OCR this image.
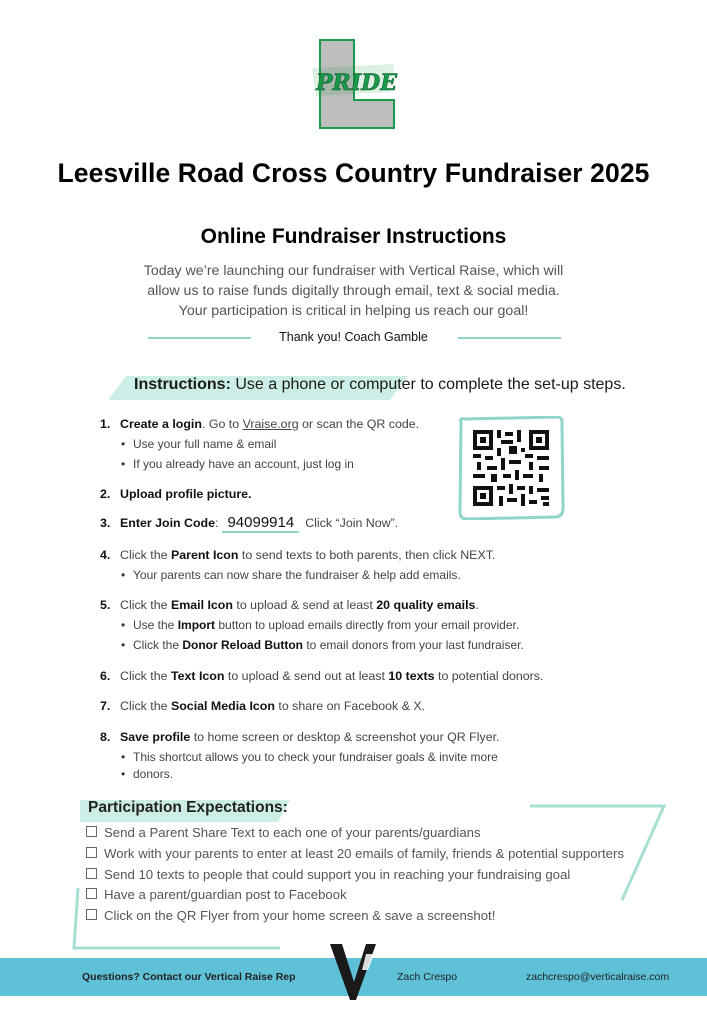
PRIDE
Leesville Road Cross Country Fundraiser 2025
Online Fundraiser Instructions
Today we’re launching our fundraiser with Vertical Raise, which will
allow us to raise funds digitally through email, text & social media.
Your participation is critical in helping us reach our goal!
Thank you! Coach Gamble
Instructions: Use a phone or computer to complete the set-up steps.
1. Create a login. Go to Vraise.org or scan the QR code.
• Use your full name & email
• If you already have an account, just log in
2. Upload profile picture.
3. Enter Join Code: 94099914 Click “Join Now”.
4. Click the Parent Icon to send texts to both parents, then click NEXT.
• Your parents can now share the fundraiser & help add emails.
5. Click the Email Icon to upload & send at least 20 quality emails.
• Use the Import button to upload emails directly from your email provider.
• Click the Donor Reload Button to email donors from your last fundraiser.
6. Click the Text Icon to upload & send out at least 10 texts to potential donors.
7. Click the Social Media Icon to share on Facebook & X.
8. Save profile to home screen or desktop & screenshot your QR Flyer.
• This shortcut allows you to check your fundraiser goals & invite more
• donors.
Participation Expectations:
Send a Parent Share Text to each one of your parents/guardians
Work with your parents to enter at least 20 emails of family, friends & potential supporters
Send 10 texts to people that could support you in reaching your fundraising goal
Have a parent/guardian post to Facebook
Click on the QR Flyer from your home screen & save a screenshot!
Questions? Contact our Vertical Raise Rep	Zach Crespo	zachcrespo@verticalraise.com
